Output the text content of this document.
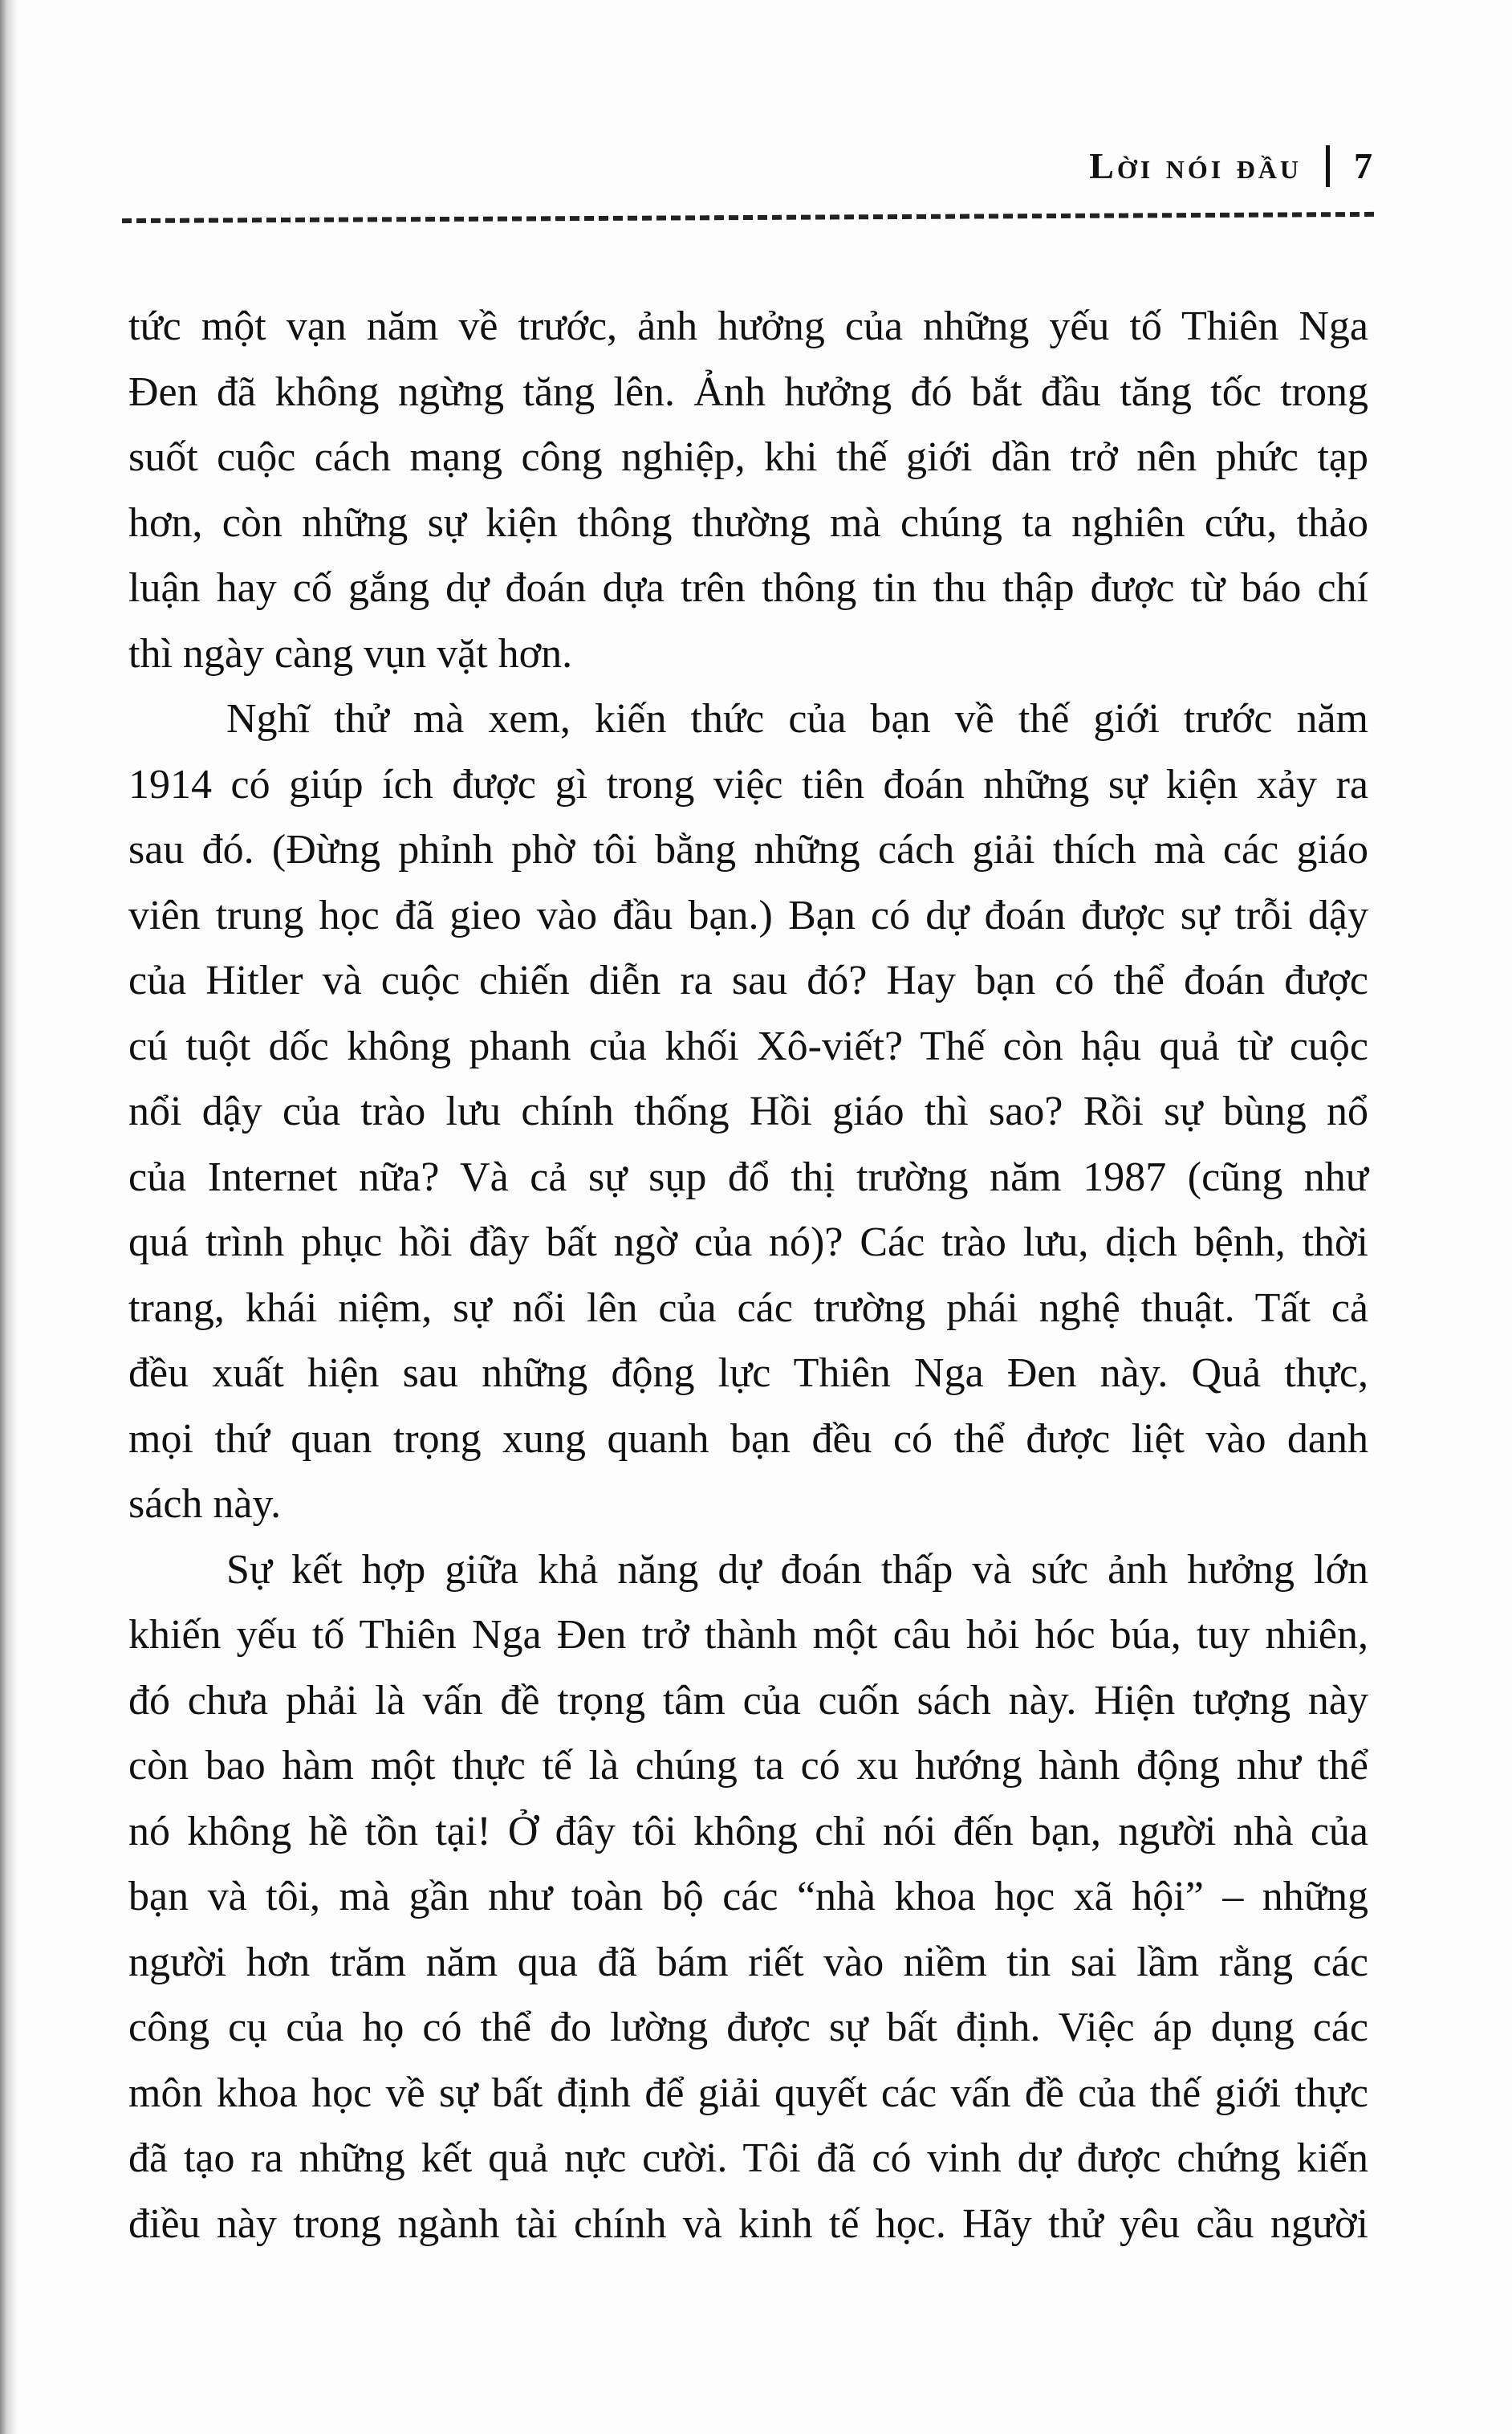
Lời nói đầu 7
tức một vạn năm về trước, ảnh hưởng của những yếu tố Thiên Nga
Đen đã không ngừng tăng lên. Ảnh hưởng đó bắt đầu tăng tốc trong
suốt cuộc cách mạng công nghiệp, khi thế giới dần trở nên phức tạp
hơn, còn những sự kiện thông thường mà chúng ta nghiên cứu, thảo
luận hay cố gắng dự đoán dựa trên thông tin thu thập được từ báo chí
thì ngày càng vụn vặt hơn.
Nghĩ thử mà xem, kiến thức của bạn về thế giới trước năm
1914 có giúp ích được gì trong việc tiên đoán những sự kiện xảy ra
sau đó. (Đừng phỉnh phờ tôi bằng những cách giải thích mà các giáo
viên trung học đã gieo vào đầu bạn.) Bạn có dự đoán được sự trỗi dậy
của Hitler và cuộc chiến diễn ra sau đó? Hay bạn có thể đoán được
cú tuột dốc không phanh của khối Xô-viết? Thế còn hậu quả từ cuộc
nổi dậy của trào lưu chính thống Hồi giáo thì sao? Rồi sự bùng nổ
của Internet nữa? Và cả sự sụp đổ thị trường năm 1987 (cũng như
quá trình phục hồi đầy bất ngờ của nó)? Các trào lưu, dịch bệnh, thời
trang, khái niệm, sự nổi lên của các trường phái nghệ thuật. Tất cả
đều xuất hiện sau những động lực Thiên Nga Đen này. Quả thực,
mọi thứ quan trọng xung quanh bạn đều có thể được liệt vào danh
sách này.
Sự kết hợp giữa khả năng dự đoán thấp và sức ảnh hưởng lớn
khiến yếu tố Thiên Nga Đen trở thành một câu hỏi hóc búa, tuy nhiên,
đó chưa phải là vấn đề trọng tâm của cuốn sách này. Hiện tượng này
còn bao hàm một thực tế là chúng ta có xu hướng hành động như thể
nó không hề tồn tại! Ở đây tôi không chỉ nói đến bạn, người nhà của
bạn và tôi, mà gần như toàn bộ các “nhà khoa học xã hội” – những
người hơn trăm năm qua đã bám riết vào niềm tin sai lầm rằng các
công cụ của họ có thể đo lường được sự bất định. Việc áp dụng các
môn khoa học về sự bất định để giải quyết các vấn đề của thế giới thực
đã tạo ra những kết quả nực cười. Tôi đã có vinh dự được chứng kiến
điều này trong ngành tài chính và kinh tế học. Hãy thử yêu cầu người
